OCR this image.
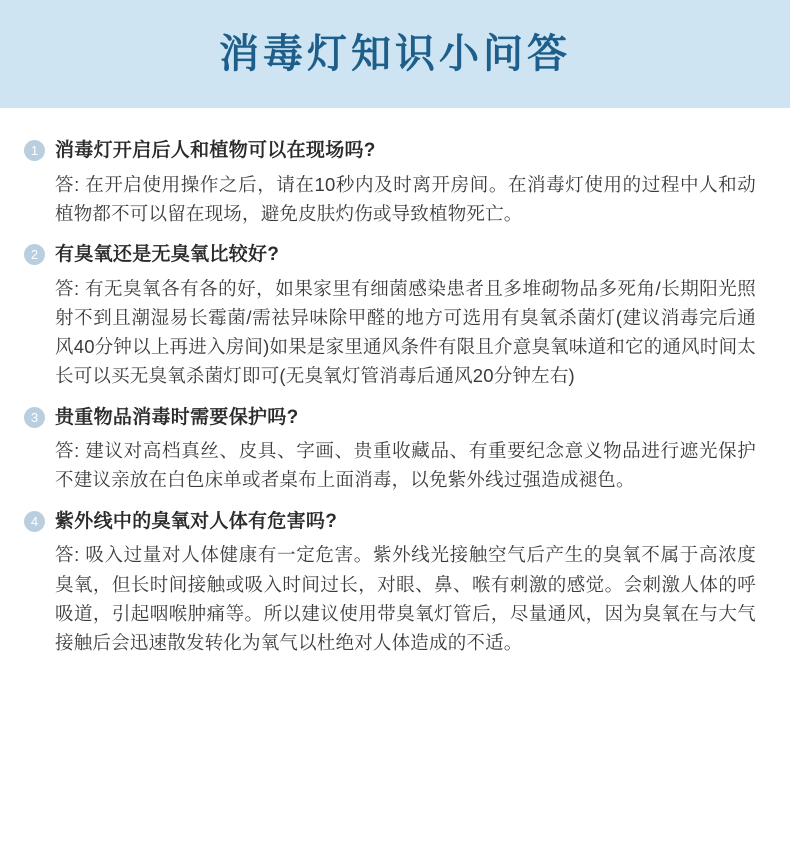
消毒灯知识小问答
1 消毒灯开启后人和植物可以在现场吗?
答: 在开启使用操作之后，请在10秒内及时离开房间。在消毒灯使用的过程中人和动植物都不可以留在现场，避免皮肤灼伤或导致植物死亡。
2 有臭氧还是无臭氧比较好?
答: 有无臭氧各有各的好，如果家里有细菌感染患者且多堆砌物品多死角/长期阳光照射不到且潮湿易长霉菌/需祛异味除甲醛的地方可选用有臭氧杀菌灯(建议消毒完后通风40分钟以上再进入房间)如果是家里通风条件有限且介意臭氧味道和它的通风时间太长可以买无臭氧杀菌灯即可(无臭氧灯管消毒后通风20分钟左右)
3 贵重物品消毒时需要保护吗?
答: 建议对高档真丝、皮具、字画、贵重收藏品、有重要纪念意义物品进行遮光保护不建议亲放在白色床单或者桌布上面消毒，以免紫外线过强造成褪色。
4 紫外线中的臭氧对人体有危害吗?
答: 吸入过量对人体健康有一定危害。紫外线光接触空气后产生的臭氧不属于高浓度臭氧，但长时间接触或吸入时间过长，对眼、鼻、喉有刺激的感觉。会刺激人体的呼吸道，引起咽喉肿痛等。所以建议使用带臭氧灯管后，尽量通风，因为臭氧在与大气接触后会迅速散发转化为氧气以杜绝对人体造成的不适。
